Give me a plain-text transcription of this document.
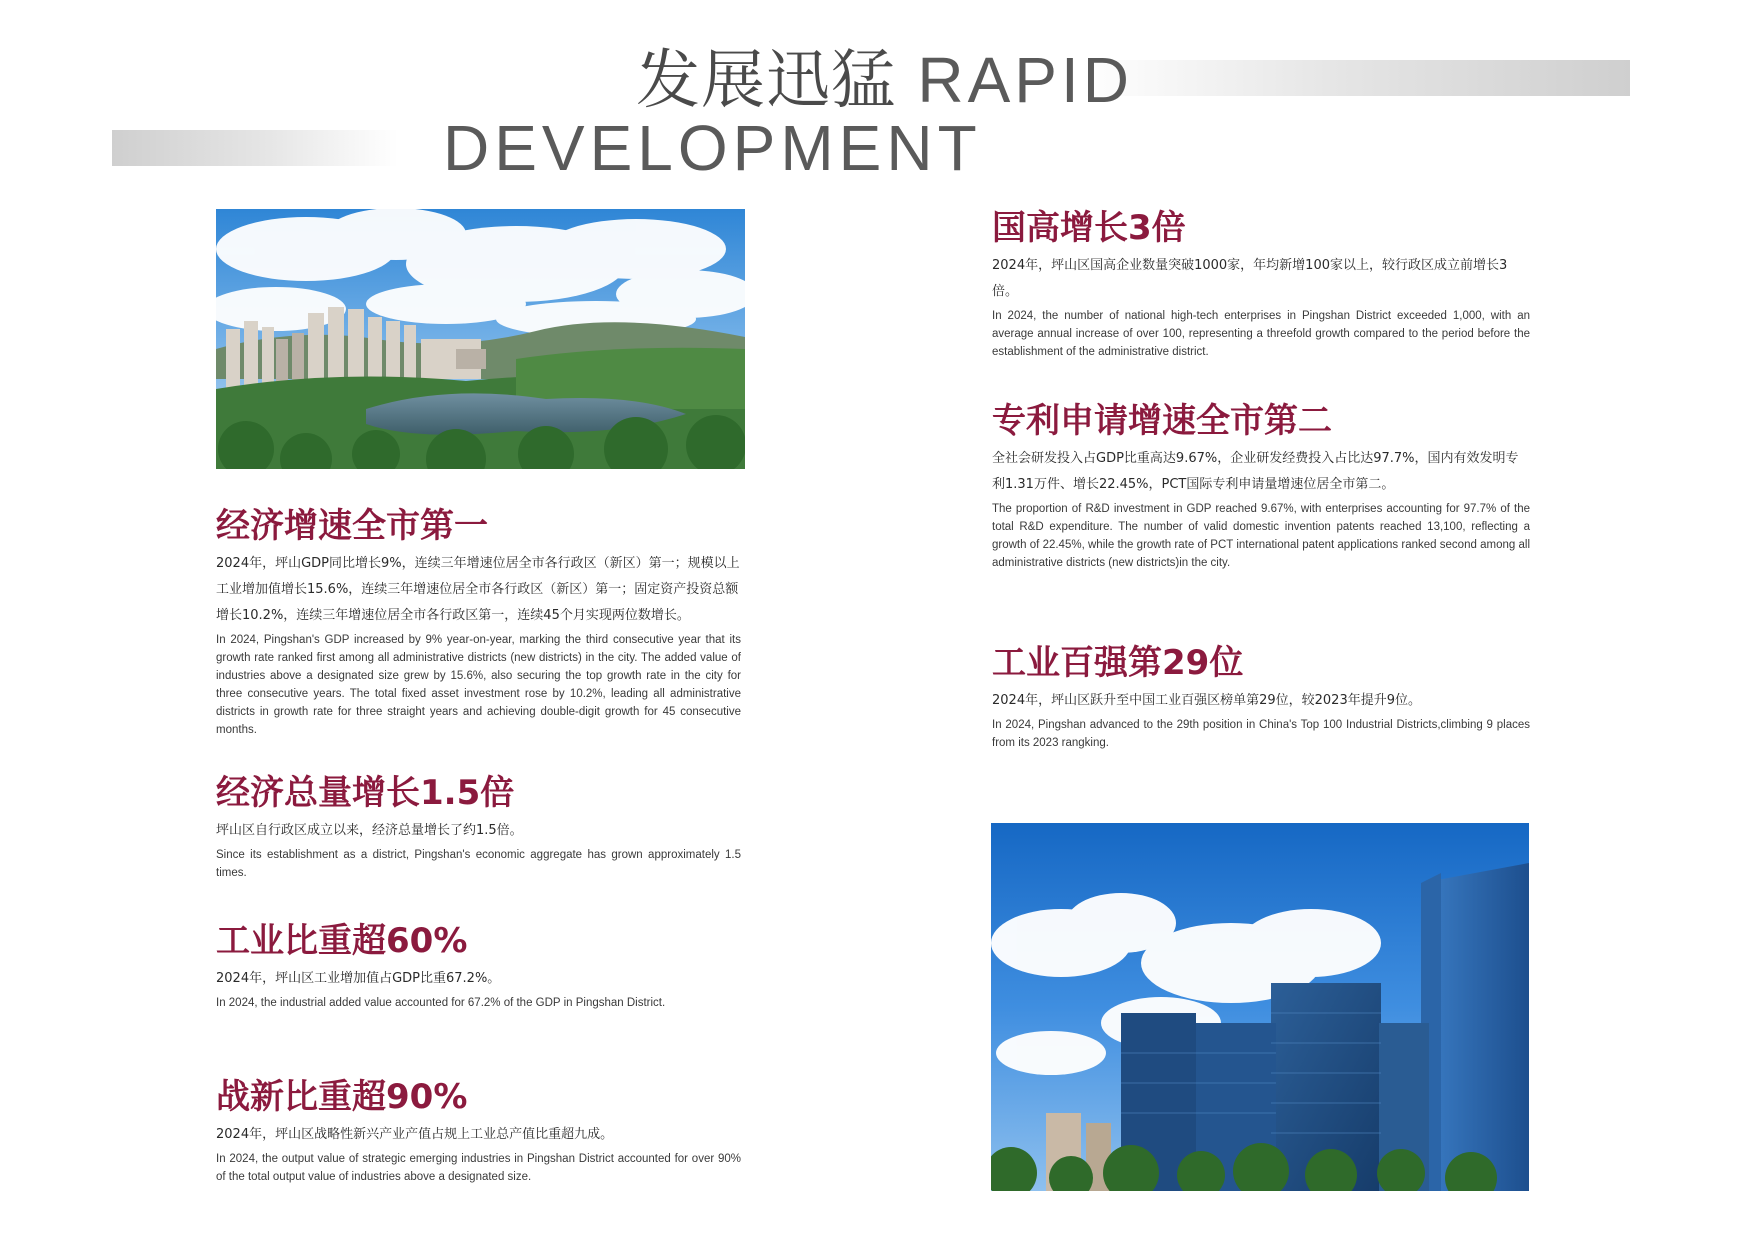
发展迅猛 RAPID
DEVELOPMENT
经济增速全市第一

2024年，坪山GDP同比增长9%，连续三年增速位居全市各行政区（新区）第一；规模以上工业增加值增长15.6%，连续三年增速位居全市各行政区（新区）第一；固定资产投资总额增长10.2%，连续三年增速位居全市各行政区第一，连续45个月实现两位数增长。

In 2024, Pingshan's GDP increased by 9% year-on-year, marking the third consecutive year that its growth rate ranked first among all administrative districts (new districts) in the city. The added value of industries above a designated size grew by 15.6%, also securing the top growth rate in the city for three consecutive years. The total fixed asset investment rose by 10.2%, leading all administrative districts in growth rate for three straight years and achieving double-digit growth for 45 consecutive months.

经济总量增长1.5倍

坪山区自行政区成立以来，经济总量增长了约1.5倍。

Since its establishment as a district, Pingshan's economic aggregate has grown approximately 1.5 times.

工业比重超60%

2024年，坪山区工业增加值占GDP比重67.2%。

In 2024, the industrial added value accounted for 67.2% of the GDP in Pingshan District.

战新比重超90%

2024年，坪山区战略性新兴产业产值占规上工业总产值比重超九成。

In 2024, the output value of strategic emerging industries in Pingshan District accounted for over 90% of the total output value of industries above a designated size.

国高增长3倍

2024年，坪山区国高企业数量突破1000家，年均新增100家以上，较行政区成立前增长3倍。

In 2024, the number of national high-tech enterprises in Pingshan District exceeded 1,000, with an average annual increase of over 100, representing a threefold growth compared to the period before the establishment of the administrative district.

专利申请增速全市第二

全社会研发投入占GDP比重高达9.67%，企业研发经费投入占比达97.7%，国内有效发明专利1.31万件、增长22.45%，PCT国际专利申请量增速位居全市第二。

The proportion of R&D investment in GDP reached 9.67%, with enterprises accounting for 97.7% of the total R&D expenditure. The number of valid domestic invention patents reached 13,100, reflecting a growth of 22.45%, while the growth rate of PCT international patent applications ranked second among all administrative districts (new districts)in the city.

工业百强第29位

2024年，坪山区跃升至中国工业百强区榜单第29位，较2023年提升9位。

In 2024, Pingshan advanced to the 29th position in China's Top 100 Industrial Districts,climbing 9 places from its 2023 rangking.
